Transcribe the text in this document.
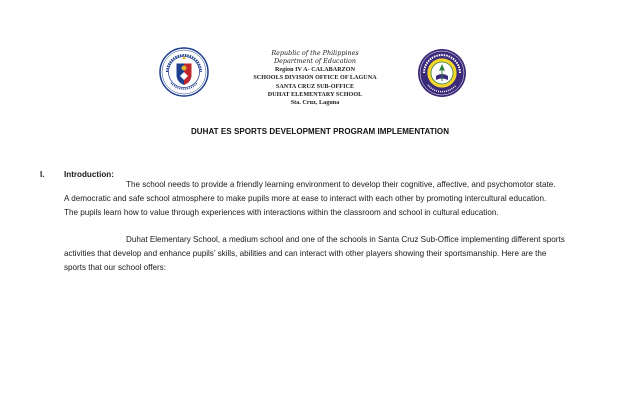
Republic of the Philippines
Department of Education
Region IV A- CALABARZON
SCHOOLS DIVISION OFFICE OF LAGUNA
SANTA CRUZ SUB-OFFICE
DUHAT ELEMENTARY SCHOOL
Sta. Cruz, Laguna
DUHAT ES SPORTS DEVELOPMENT PROGRAM IMPLEMENTATION
I. Introduction:
The school needs to provide a friendly learning environment to develop their cognitive, affective, and psychomotor state.
A democratic and safe school atmosphere to make pupils more at ease to interact with each other by promoting intercultural education.
The pupils learn how to value through experiences with interactions within the classroom and school in cultural education.
Duhat Elementary School, a medium school and one of the schools in Santa Cruz Sub-Office implementing different sports
activities that develop and enhance pupils’ skills, abilities and can interact with other players showing their sportsmanship. Here are the
sports that our school offers:
